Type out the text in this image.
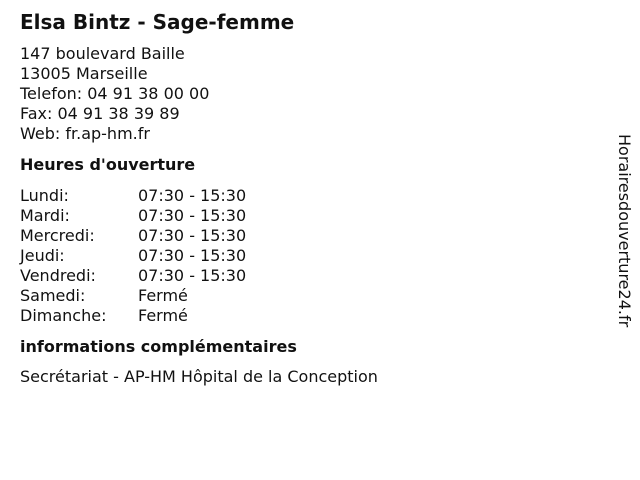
Elsa Bintz - Sage-femme
147 boulevard Baille
13005 Marseille
Telefon: 04 91 38 00 00
Fax: 04 91 38 39 89
Web: fr.ap-hm.fr
Heures d'ouverture
Lundi:	07:30 - 15:30
Mardi:	07:30 - 15:30
Mercredi:	07:30 - 15:30
Jeudi:	07:30 - 15:30
Vendredi:	07:30 - 15:30
Samedi:	Fermé
Dimanche:	Fermé
informations complémentaires
Secrétariat - AP-HM Hôpital de la Conception
Horairesdouverture24.fr
